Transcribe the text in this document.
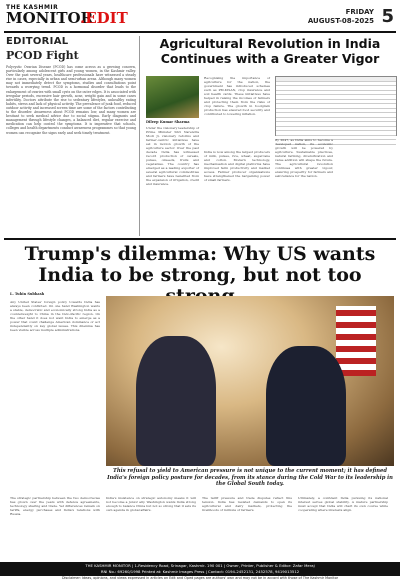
THE KASHMIR
MONITOR
.EDIT	FRIDAY
AUGUST-08-2025 5
EDITORIAL
PCOD Fight
Polycystic Ovarian Disease (PCOD) has come across as a growing concern, particularly among adolescent girls and young women, in the Kashmir valley. Over the past several years, healthcare professionals have witnessed a steady rise in cases, especially in urban and semi-urban areas. Although many women may not immediately detect the symptoms, studies and consultations point towards a worrying trend. PCOD is a hormonal disorder that leads to the enlargement of ovaries with small cysts on the outer edges. It is associated with irregular periods, excessive hair growth, acne, weight gain and in some cases infertility. Doctors attribute the rise to sedentary lifestyles, unhealthy eating habits, stress and lack of physical activity. The prevalence of junk food, reduced outdoor activity and increased screen time are some of the factors contributing to the disorder. Awareness about PCOD remains low, and many women are hesitant to seek medical advice due to social stigma. Early diagnosis and management through lifestyle changes, a balanced diet, regular exercise and medication can help control the symptoms. It is imperative that schools, colleges and health departments conduct awareness programmes so that young women can recognise the signs early and seek timely treatment.
Agricultural Revolution in India Continues with a Greater Vigor
Dileep Kumar Sharma
Under the visionary leadership of Prime Minister Shri Narendra Modi Ji, visionary reforms and farmer-centric initiatives have set in motion growth of the agriculture sector. Over the past decade India has witnessed record production of cereals, pulses, oilseeds, fruits and vegetables. The country has emerged as a leading exporter of several agricultural commodities and farmers have benefited from the expansion of irrigation, credit and insurance.
Recognising the importance of agriculture for the nation, the government has introduced schemes such as PM-KISAN, crop insurance and soil health cards. These initiatives have helped in raising the incomes of farmers and protecting them from the risks of crop failure. The growth in foodgrain production has ensured food security and contributed to lowering inflation.
India is now among the largest producers of milk, pulses, rice, wheat, sugarcane and cotton. Modern technology, mechanisation and digital platforms have improved farm productivity and market access. Farmer producer organisations have strengthened the bargaining power of small farmers.
By 2047, as India aims to become a developed nation, its economic growth will be powered by agriculture. Sustainable practices, natural farming, diversification and value addition will shape the future. The agricultural revolution continues with greater vigour, ensuring prosperity for farmers and self-reliance for the nation.
Trump's dilemma: Why US wants India to be strong, but not too
L. Tuhin Subhash
Any United States' foreign policy towards India has always been conflicted. On one hand Washington wants a stable, democratic and economically strong India as a counterweight to China in the Indo-Pacific region. On the other hand it does not want India to emerge as a power that could challenge American dominance or act independently on key global issues. This dilemma has been visible across multiple administrations.
This refusal to yield to American pressure is not unique to the current moment; it has defined India's foreign policy posture for decades, from its stance during the Cold War to its leadership in the Global South today.
The strategic partnership between the two democracies has grown over the years with defence agreements, technology sharing and trade. Yet differences remain on tariffs, energy purchases and India's relations with Russia.
India's insistence on strategic autonomy means it will not become a junior ally. Washington wants India strong enough to balance China but not so strong that it sets its own agenda in global affairs.
The tariff pressure and trade disputes reflect this tension. India has resisted demands to open its agricultural and dairy markets, protecting the livelihoods of millions of farmers.
Ultimately, a confident India pursuing its national interest serves global stability. A mature partnership must accept that India will chart its own course while cooperating where interests align.
THE KASHMIR MONITOR | 1-Residency Road, Srinagar, Kashmir- 190 001 | Owner, Printer, Publisher & Editor: Zafar Meraj
RNI No.: 69260/1998 Printed at: Kashmir Images Press | Contact: 0194-2452131, 2452578, 9419013512
Disclaimer: Ideas, opinions, and views expressed in articles on Edit and Oped pages are authors' own and may not be in accord with those of The Kashmir Monitor
